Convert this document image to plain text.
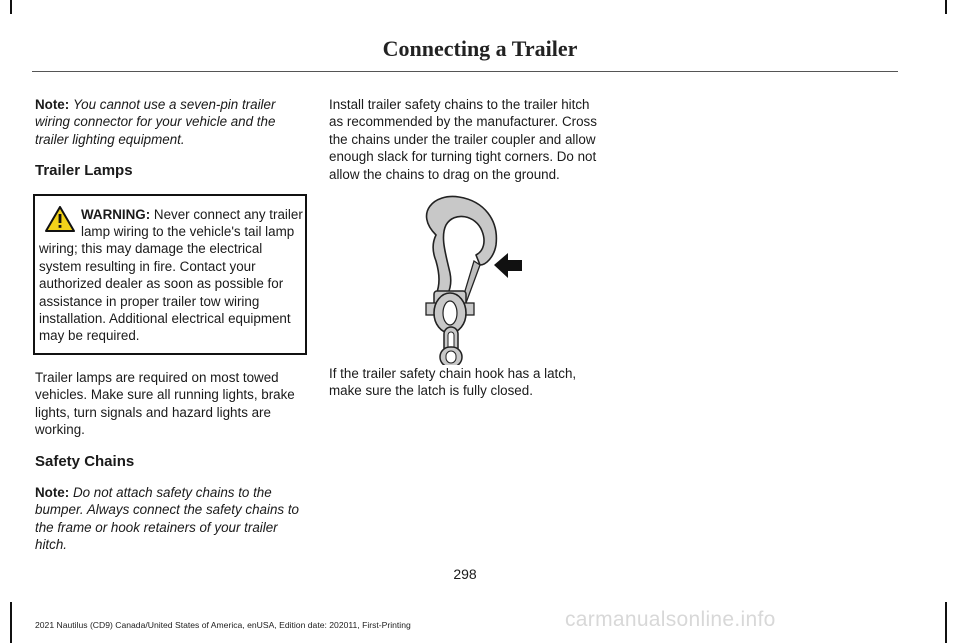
Connecting a Trailer

Note: You cannot use a seven-pin trailer wiring connector for your vehicle and the trailer lighting equipment.

Trailer Lamps
WARNING: Never connect any trailer lamp wiring to the vehicle's tail lamp wiring; this may damage the electrical system resulting in fire. Contact your authorized dealer as soon as possible for assistance in proper trailer tow wiring installation. Additional electrical equipment may be required.

Trailer lamps are required on most towed vehicles. Make sure all running lights, brake lights, turn signals and hazard lights are working.

Safety Chains

Note: Do not attach safety chains to the bumper. Always connect the safety chains to the frame or hook retainers of your trailer hitch.

Install trailer safety chains to the trailer hitch as recommended by the manufacturer. Cross the chains under the trailer coupler and allow enough slack for turning tight corners. Do not allow the chains to drag on the ground.

If the trailer safety chain hook has a latch, make sure the latch is fully closed.

298
2021 Nautilus (CD9) Canada/United States of America, enUSA, Edition date: 202011, First-Printing	carmanualsonline.info
